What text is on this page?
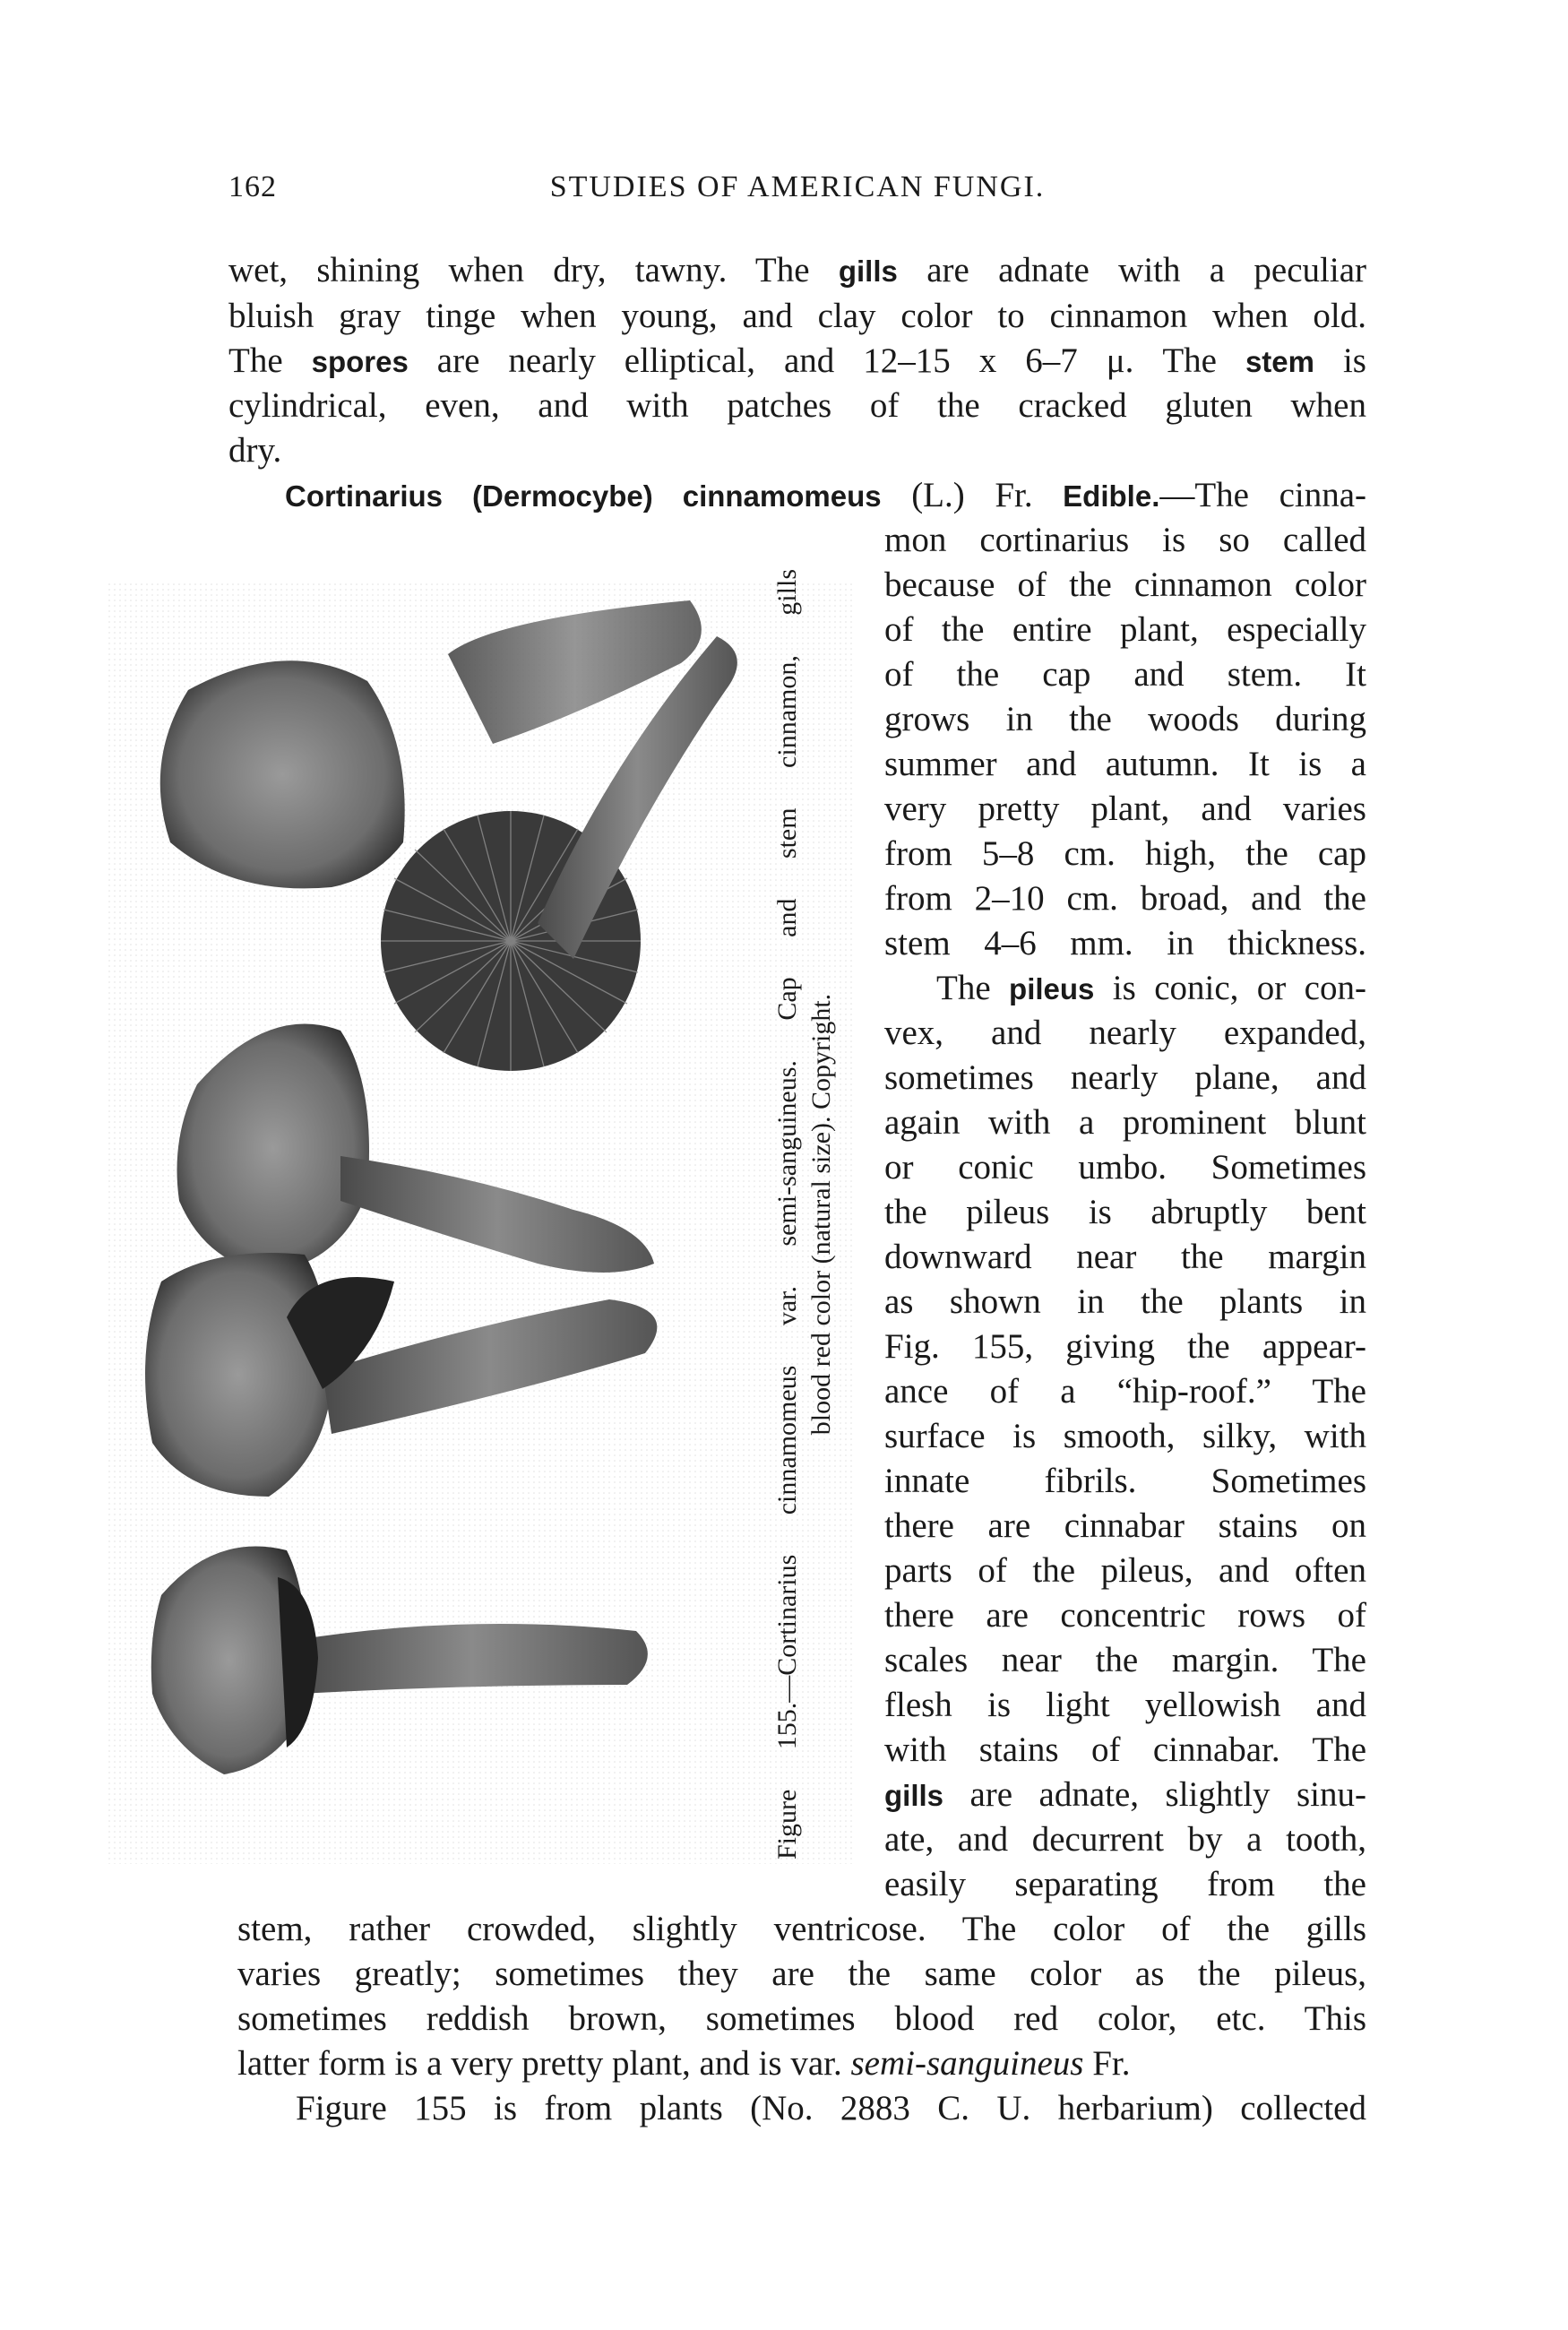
162	STUDIES OF AMERICAN FUNGI.
wet, shining when dry, tawny. The gills are adnate with a peculiar
bluish gray tinge when young, and clay color to cinnamon when old.
The spores are nearly elliptical, and 12–15 x 6–7 μ. The stem is
cylindrical, even, and with patches of the cracked gluten when
dry.
Cortinarius (Dermocybe) cinnamomeus (L.) Fr. Edible.—The cinna-
mon cortinarius is so called
because of the cinnamon color
of the entire plant, especially
of the cap and stem. It
grows in the woods during
summer and autumn. It is a
very pretty plant, and varies
from 5–8 cm. high, the cap
from 2–10 cm. broad, and the
stem 4–6 mm. in thickness.
The pileus is conic, or con-
vex, and nearly expanded,
sometimes nearly plane, and
again with a prominent blunt
or conic umbo. Sometimes
the pileus is abruptly bent
downward near the margin
as shown in the plants in
Fig. 155, giving the appear-
ance of a “hip-roof.” The
surface is smooth, silky, with
innate fibrils. Sometimes
there are cinnabar stains on
parts of the pileus, and often
there are concentric rows of
scales near the margin. The
flesh is light yellowish and
with stains of cinnabar. The
gills are adnate, slightly sinu-
ate, and decurrent by a tooth,
easily separating from the
Figure 155.—Cortinarius cinnamomeus var. semi-sanguineus. Cap and stem cinnamon, gills blood red color (natural size). Copyright.
stem, rather crowded, slightly ventricose. The color of the gills
varies greatly; sometimes they are the same color as the pileus,
sometimes reddish brown, sometimes blood red color, etc. This
latter form is a very pretty plant, and is var. semi-sanguineus Fr.
Figure 155 is from plants (No. 2883 C. U. herbarium) collected
